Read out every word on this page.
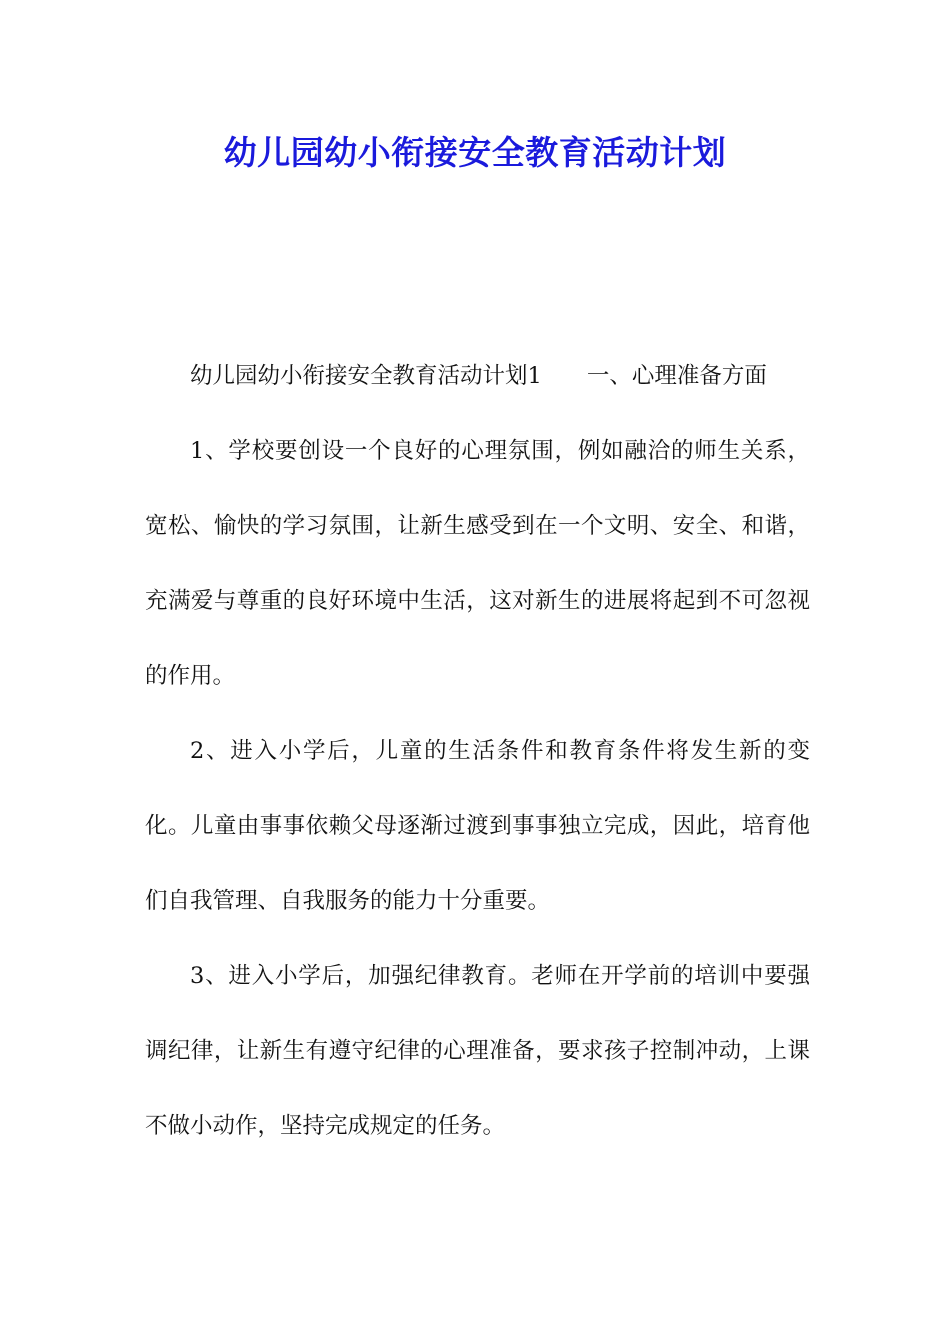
幼儿园幼小衔接安全教育活动计划

幼儿园幼小衔接安全教育活动计划1　　一、心理准备方面

1、学校要创设一个良好的心理氛围，例如融洽的师生关系，宽松、愉快的学习氛围，让新生感受到在一个文明、安全、和谐，充满爱与尊重的良好环境中生活，这对新生的进展将起到不可忽视的作用。

2、进入小学后，儿童的生活条件和教育条件将发生新的变化。儿童由事事依赖父母逐渐过渡到事事独立完成，因此，培育他们自我管理、自我服务的能力十分重要。

3、进入小学后，加强纪律教育。老师在开学前的培训中要强调纪律，让新生有遵守纪律的心理准备，要求孩子控制冲动，上课不做小动作，坚持完成规定的任务。
